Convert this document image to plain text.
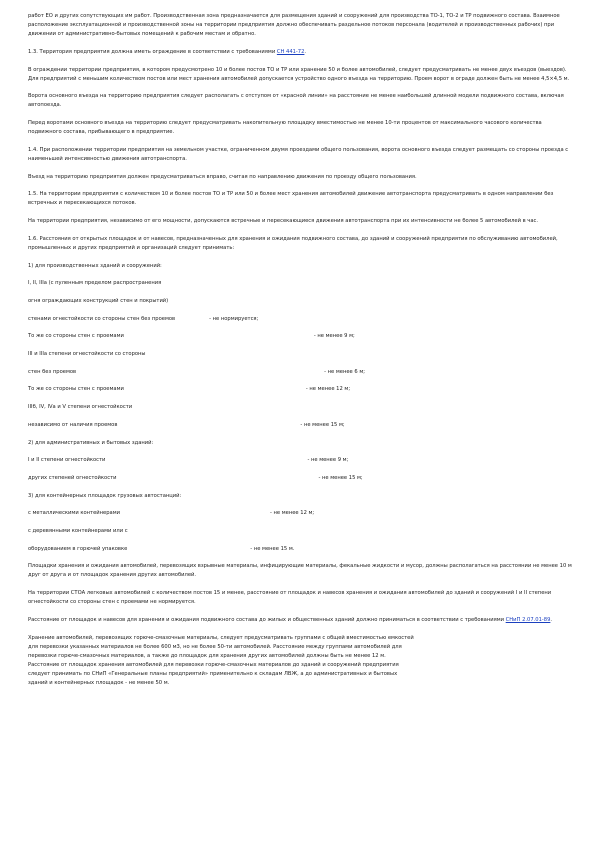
работ ЕО и других сопутствующих им работ. Производственная зона предназначается для размещения зданий и сооружений для производства ТО-1, ТО-2 и ТР подвижного состава. Взаимное расположение эксплуатационной и производственной зоны на территории предприятия должно обеспечивать раздельное потоков персонала (водителей и производственных рабочих) при движении от административно-бытовых помещений к рабочим местам и обратно.

1.3. Территория предприятия должна иметь ограждение в соответствии с требованиями СН 441-72.

В ограждении территории предприятия, в котором предусмотрено 10 и более постов ТО и ТР или хранение 50 и более автомобилей, следует предусматривать не менее двух въездов (выездов). Для предприятий с меньшим количеством постов или мест хранения автомобилей допускается устройство одного въезда на территорию. Проем ворот в ограде должен быть не менее 4,5×4,5 м.

Ворота основного въезда на территорию предприятия следует располагать с отступом от «красной линии» на расстояние не менее наибольшей длинной модели подвижного состава, включая автопоезда.

Перед воротами основного въезда на территорию следует предусматривать накопительную площадку вместимостью не менее 10-ти процентов от максимального часового количества подвижного состава, прибывающего в предприятие.

1.4. При расположении территории предприятия на земельном участке, ограниченном двумя проездами общего пользования, ворота основного въезда следует размещать со стороны проезда с наименьшей интенсивностью движения автотранспорта.

Въезд на территорию предприятия должен предусматриваться вправо, считая по направлению движения по проезду общего пользования.

1.5. На территории предприятия с количеством 10 и более постов ТО и ТР или 50 и более мест хранения автомобилей движение автотранспорта предусматривать в одном направлении без встречных и пересекающихся потоков.

На территории предприятия, независимо от его мощности, допускаются встречные и пересекающиеся движения автотранспорта при их интенсивности не более 5 автомобилей в час.

1.6. Расстояния от открытых площадок и от навесов, предназначенных для хранения и ожидания подвижного состава, до зданий и сооружений предприятия по обслуживанию автомобилей, промышленных и других предприятий и организаций следует принимать:

1) для производственных зданий и сооружений:

I, II, IIIа (с пуленным пределом распространения

огня ограждающих конструкций стен и покрытий)

стенами огнестойкости со стороны стен без проемов	- не нормируется;
То же со стороны стен с проемами	- не менее 9 м;

III и IIIа степени огнестойкости со стороны

стен без проемов	- не менее 6 м;
То же со стороны стен с проемами	- не менее 12 м;

IIIб, IV, IVа и V степени огнестойкости

независимо от наличия проемов	- не менее 15 м;

2) для административных и бытовых зданий:

I и II степени огнестойкости	- не менее 9 м;
других степеней огнестойкости	- не менее 15 м;

3) для контейнерных площадок грузовых автостанций:

с металлическими контейнерами	- не менее 12 м;

с деревянными контейнерами или с

оборудованием в горючей упаковке	- не менее 15 м.

Площадки хранения и ожидания автомобилей, перевозящих взрывные материалы, инфицирующие материалы, фекальные жидкости и мусор, должны располагаться на расстоянии не менее 10 м друг от друга и от площадок хранения других автомобилей.

На территории СТОА легковых автомобилей с количеством постов 15 и менее, расстояние от площадок и навесов хранения и ожидания автомобилей до зданий и сооружений I и II степени огнестойкости со стороны стен с проемами не нормируется.

Расстояние от площадок и навесов для хранения и ожидания подвижного состава до жилых и общественных зданий должно приниматься в соответствии с требованиями СНиП 2.07.01-89.

Хранение автомобилей, перевозящих горюче-смазочные материалы, следует предусматривать группами с общей вместимостью емкостей

для перевозки указанных материалов не более 600 м3, но не более 50-ти автомобилей. Расстояние между группами автомобилей для

перевозки горюче-смазочных материалов, а также до площадок для хранения других автомобилей должны быть не менее 12 м.

Расстояние от площадок хранения автомобилей для перевозки горюче-смазочных материалов до зданий и сооружений предприятия

следует принимать по СНиП «Генеральные планы предприятий» применительно к складам ЛВЖ, а до административных и бытовых

зданий и контейнерных площадок - не менее 50 м.
